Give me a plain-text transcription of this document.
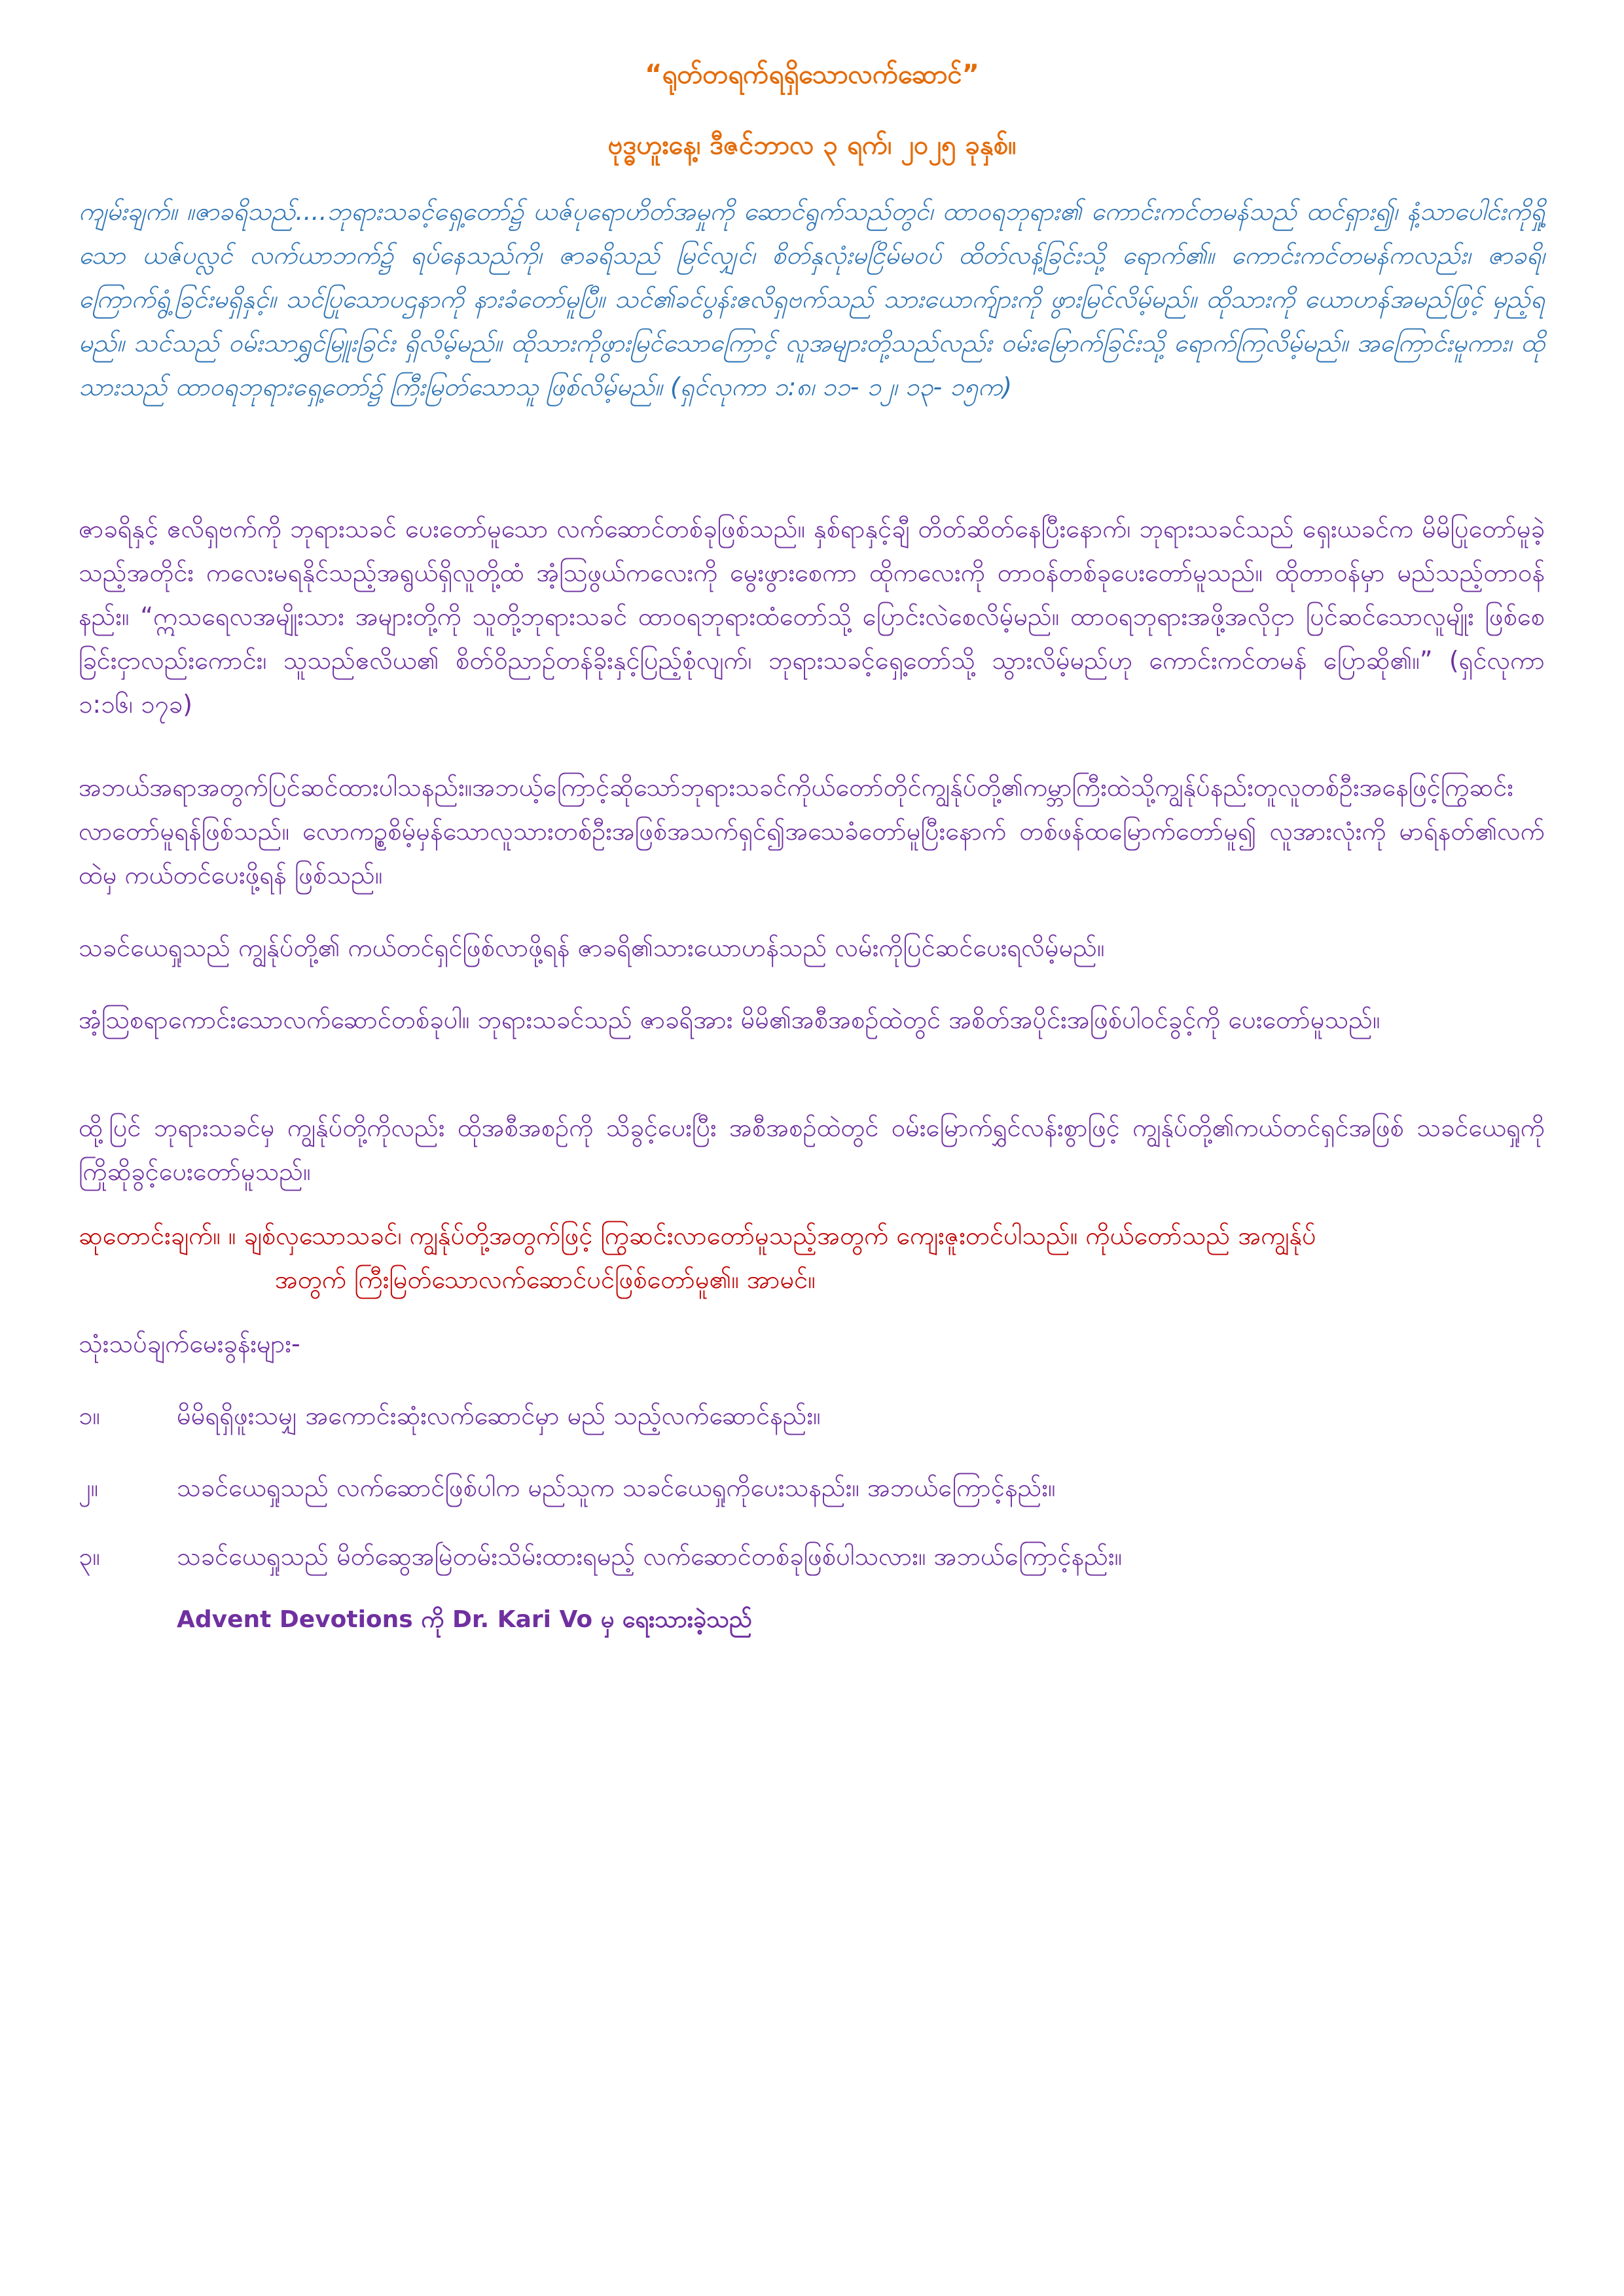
“ရုတ်တရက်ရရှိသောလက်ဆောင်”
ဗုဒ္ဓဟူးနေ့၊ ဒီဇင်ဘာလ ၃ ရက်၊ ၂၀၂၅ ခုနှစ်။
ကျမ်းချက်။ ။ဇာခရိသည်....ဘုရားသခင့်ရှေ့တော်၌ ယဇ်ပုရောဟိတ်အမှုကို ဆောင်ရွက်သည်တွင်၊ ထာဝရဘုရား၏ ကောင်းကင်တမန်သည် ထင်ရှား၍၊ နံ့သာပေါင်းကိုရှို့သော ယဇ်ပလ္လင် လက်ယာဘက်၌ ရပ်နေသည်ကို၊ ဇာခရိသည် မြင်လျှင်၊ စိတ်နှလုံးမငြိမ်မဝပ် ထိတ်လန့်ခြင်းသို့ ရောက်၏။ ကောင်းကင်တမန်ကလည်း၊ ဇာခရိ၊ ကြောက်ရွံ့ခြင်းမရှိနှင့်။ သင်ပြုသောပဌနာကို နားခံတော်မူပြီ။ သင်၏ခင်ပွန်းဧလိရှဗက်သည် သားယောက်ျားကို ဖွားမြင်လိမ့်မည်။ ထိုသားကို ယောဟန်အမည်ဖြင့် မှည့်ရမည်။ သင်သည် ဝမ်းသာရွှင်မြူးခြင်း ရှိလိမ့်မည်။ ထိုသားကိုဖွားမြင်သောကြောင့် လူအများတို့သည်လည်း ဝမ်းမြောက်ခြင်းသို့ ရောက်ကြလိမ့်မည်။ အကြောင်းမူကား၊ ထိုသားသည် ထာဝရဘုရားရှေ့တော်၌ ကြီးမြတ်သောသူ ဖြစ်လိမ့်မည်။ (ရှင်လုကာ ၁:၈၊ ၁၁- ၁၂၊ ၁၃- ၁၅က)
ဇာခရိနှင့် ဧလိရှဗက်ကို ဘုရားသခင် ပေးတော်မူသော လက်ဆောင်တစ်ခုဖြစ်သည်။ နှစ်ရာနှင့်ချီ တိတ်ဆိတ်နေပြီးနောက်၊ ဘုရားသခင်သည် ရှေးယခင်က မိမိပြုတော်မူခဲ့သည့်အတိုင်း ကလေးမရနိုင်သည့်အရွယ်ရှိလူတို့ထံ အံ့သြဖွယ်ကလေးကို မွေးဖွားစေကာ ထိုကလေးကို တာဝန်တစ်ခုပေးတော်မူသည်။ ထိုတာဝန်မှာ မည်သည့်တာဝန်နည်း။ “ဣသရေလအမျိုးသား အများတို့ကို သူတို့ဘုရားသခင် ထာဝရဘုရားထံတော်သို့ ပြောင်းလဲစေလိမ့်မည်။ ထာဝရဘုရားအဖို့အလိုငှာ ပြင်ဆင်သောလူမျိုး ဖြစ်စေခြင်းငှာလည်းကောင်း၊ သူသည်ဧလိယ၏ စိတ်ဝိညာဉ်တန်ခိုးနှင့်ပြည့်စုံလျက်၊ ဘုရားသခင့်ရှေ့တော်သို့ သွားလိမ့်မည်ဟု ကောင်းကင်တမန် ပြောဆို၏။” (ရှင်လုကာ ၁:၁၆၊ ၁၇ခ)
အဘယ်အရာအတွက်ပြင်ဆင်ထားပါသနည်း။အဘယ့်ကြောင့်ဆိုသော်ဘုရားသခင်ကိုယ်တော်တိုင်ကျွန်ုပ်တို့၏ကမ္ဘာကြီးထဲသို့ကျွန်ုပ်နည်းတူလူတစ်ဦးအနေဖြင့်ကြွဆင်းလာတော်မူရန်ဖြစ်သည်။ လောကဥ္စစိမ့်မှန်သောလူသားတစ်ဦးအဖြစ်အသက်ရှင်၍အသေခံတော်မူပြီးနောက် တစ်ဖန်ထမြောက်တော်မူ၍ လူအားလုံးကို မာရ်နတ်၏လက်ထဲမှ ကယ်တင်ပေးဖို့ရန် ဖြစ်သည်။
သခင်ယေရှုသည် ကျွန်ုပ်တို့၏ ကယ်တင်ရှင်ဖြစ်လာဖို့ရန် ဇာခရိ၏သားယောဟန်သည် လမ်းကိုပြင်ဆင်ပေးရလိမ့်မည်။
အံ့သြစရာကောင်းသောလက်ဆောင်တစ်ခုပါ။ ဘုရားသခင်သည် ဇာခရိအား မိမိ၏အစီအစဉ်ထဲတွင် အစိတ်အပိုင်းအဖြစ်ပါဝင်ခွင့်ကို ပေးတော်မူသည်။
ထို့ပြင် ဘုရားသခင်မှ ကျွန်ုပ်တို့ကိုလည်း ထိုအစီအစဉ်ကို သိခွင့်ပေးပြီး အစီအစဉ်ထဲတွင် ဝမ်းမြောက်ရွှင်လန်းစွာဖြင့် ကျွန်ုပ်တို့၏ကယ်တင်ရှင်အဖြစ် သခင်ယေရှုကို ကြိုဆိုခွင့်ပေးတော်မူသည်။
ဆုတောင်းချက်။ ။ ချစ်လှသောသခင်၊ ကျွန်ုပ်တို့အတွက်ဖြင့် ကြွဆင်းလာတော်မူသည့်အတွက် ကျေးဇူးတင်ပါသည်။ ကိုယ်တော်သည် အကျွန်ုပ်
အတွက် ကြီးမြတ်သောလက်ဆောင်ပင်ဖြစ်တော်မူ၏။ အာမင်။
သုံးသပ်ချက်မေးခွန်းများ-
၁။	မိမိရရှိဖူးသမျှ အကောင်းဆုံးလက်ဆောင်မှာ မည် သည့်လက်ဆောင်နည်း။
၂။	သခင်ယေရှုသည် လက်ဆောင်ဖြစ်ပါက မည်သူက သခင်ယေရှုကိုပေးသနည်း။ အဘယ်ကြောင့်နည်း။
၃။	သခင်ယေရှုသည် မိတ်ဆွေအမြဲတမ်းသိမ်းထားရမည့် လက်ဆောင်တစ်ခုဖြစ်ပါသလား။ အဘယ်ကြောင့်နည်း။
Advent Devotions ကို Dr. Kari Vo မှ ရေးသားခဲ့သည်
